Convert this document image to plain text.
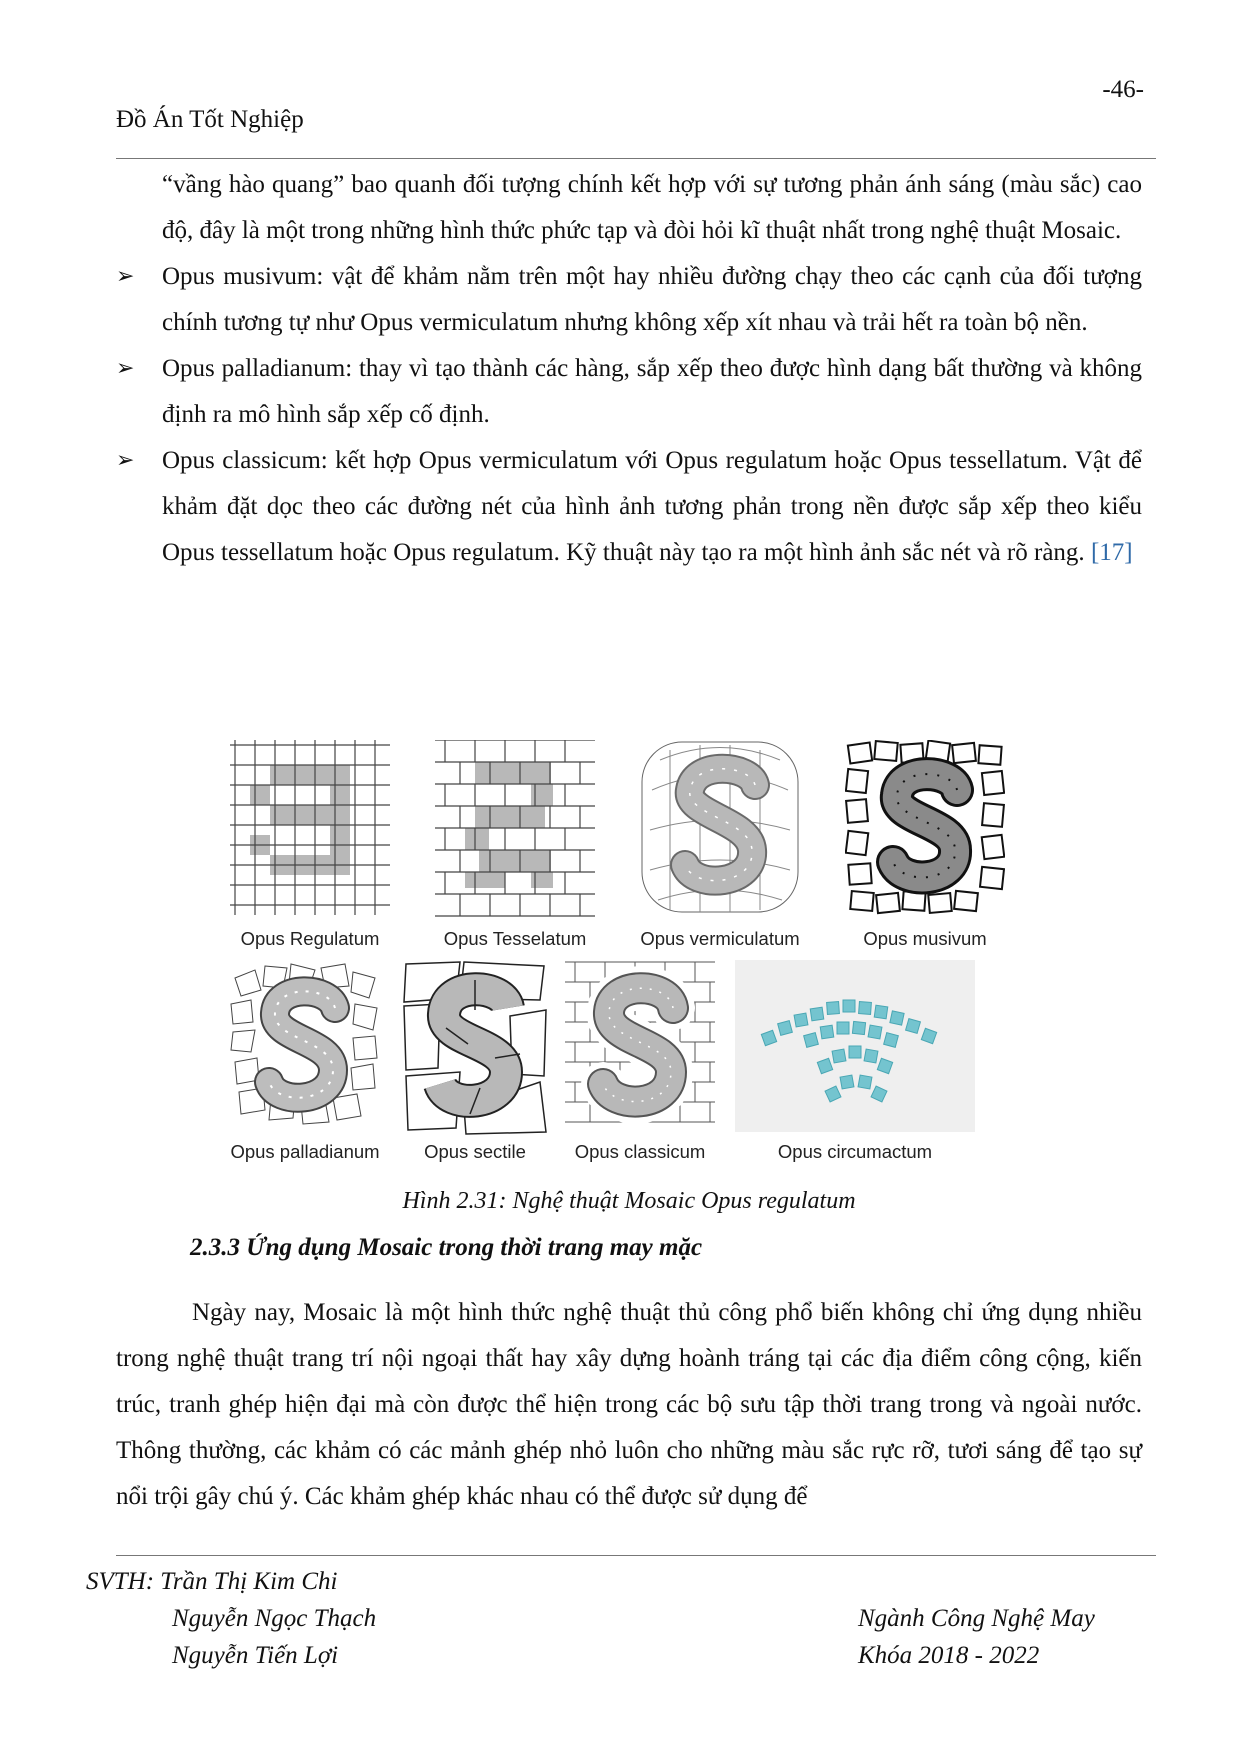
-46-
Đồ Án Tốt Nghiệp

“vầng hào quang” bao quanh đối tượng chính kết hợp với sự tương phản ánh sáng (màu sắc) cao độ, đây là một trong những hình thức phức tạp và đòi hỏi kĩ thuật nhất trong nghệ thuật Mosaic.

➢	Opus musivum: vật để khảm nằm trên một hay nhiều đường chạy theo các cạnh của đối tượng chính tương tự như Opus vermiculatum nhưng không xếp xít nhau và trải hết ra toàn bộ nền.
➢	Opus palladianum: thay vì tạo thành các hàng, sắp xếp theo được hình dạng bất thường và không định ra mô hình sắp xếp cố định.
➢	Opus classicum: kết hợp Opus vermiculatum với Opus regulatum hoặc Opus tessellatum. Vật để khảm đặt dọc theo các đường nét của hình ảnh tương phản trong nền được sắp xếp theo kiểu Opus tessellatum hoặc Opus regulatum. Kỹ thuật này tạo ra một hình ảnh sắc nét và rõ ràng. [17]
Opus Regulatum	Opus Tesselatum	Opus vermiculatum	Opus musivum
Opus palladianum	Opus sectile	Opus classicum	Opus circumactum
Hình 2.31: Nghệ thuật Mosaic Opus regulatum
2.3.3 Ứng dụng Mosaic trong thời trang may mặc

Ngày nay, Mosaic là một hình thức nghệ thuật thủ công phổ biến không chỉ ứng dụng nhiều trong nghệ thuật trang trí nội ngoại thất hay xây dựng hoành tráng tại các địa điểm công cộng, kiến trúc, tranh ghép hiện đại mà còn được thể hiện trong các bộ sưu tập thời trang trong và ngoài nước. Thông thường, các khảm có các mảnh ghép nhỏ luôn cho những màu sắc rực rỡ, tươi sáng để tạo sự nổi trội gây chú ý. Các khảm ghép khác nhau có thể được sử dụng để

SVTH: Trần Thị Kim Chi
Nguyễn Ngọc Thạch
Nguyễn Tiến Lợi
Ngành Công Nghệ May
Khóa 2018 - 2022
